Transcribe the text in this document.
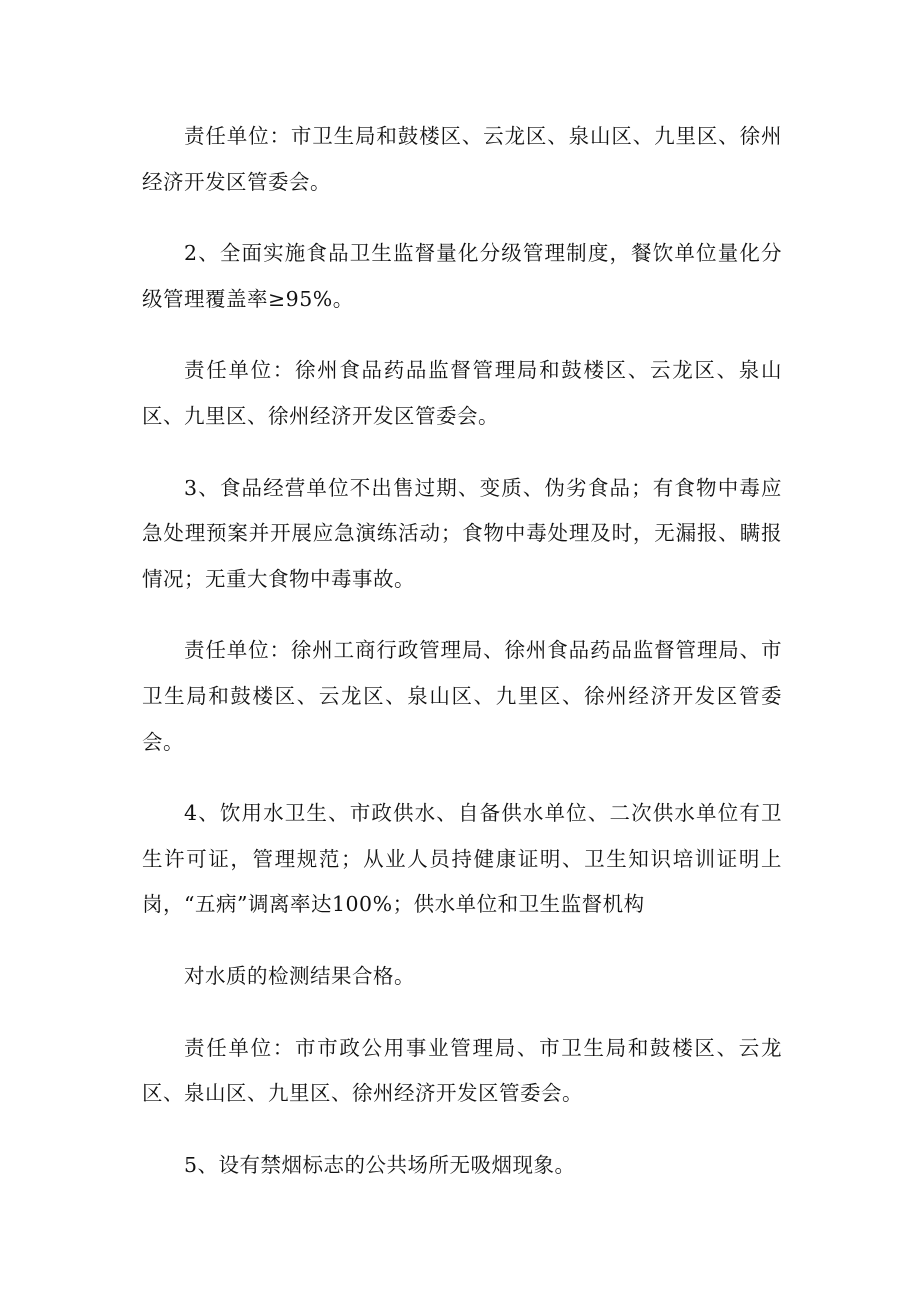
责任单位：市卫生局和鼓楼区、云龙区、泉山区、九里区、徐州经济开发区管委会。

2、全面实施食品卫生监督量化分级管理制度，餐饮单位量化分级管理覆盖率≥95%。

责任单位：徐州食品药品监督管理局和鼓楼区、云龙区、泉山区、九里区、徐州经济开发区管委会。

3、食品经营单位不出售过期、变质、伪劣食品；有食物中毒应急处理预案并开展应急演练活动；食物中毒处理及时，无漏报、瞒报情况；无重大食物中毒事故。

责任单位：徐州工商行政管理局、徐州食品药品监督管理局、市卫生局和鼓楼区、云龙区、泉山区、九里区、徐州经济开发区管委会。

4、饮用水卫生、市政供水、自备供水单位、二次供水单位有卫生许可证，管理规范；从业人员持健康证明、卫生知识培训证明上岗，“五病”调离率达100%；供水单位和卫生监督机构

对水质的检测结果合格。

责任单位：市市政公用事业管理局、市卫生局和鼓楼区、云龙区、泉山区、九里区、徐州经济开发区管委会。

5、设有禁烟标志的公共场所无吸烟现象。
